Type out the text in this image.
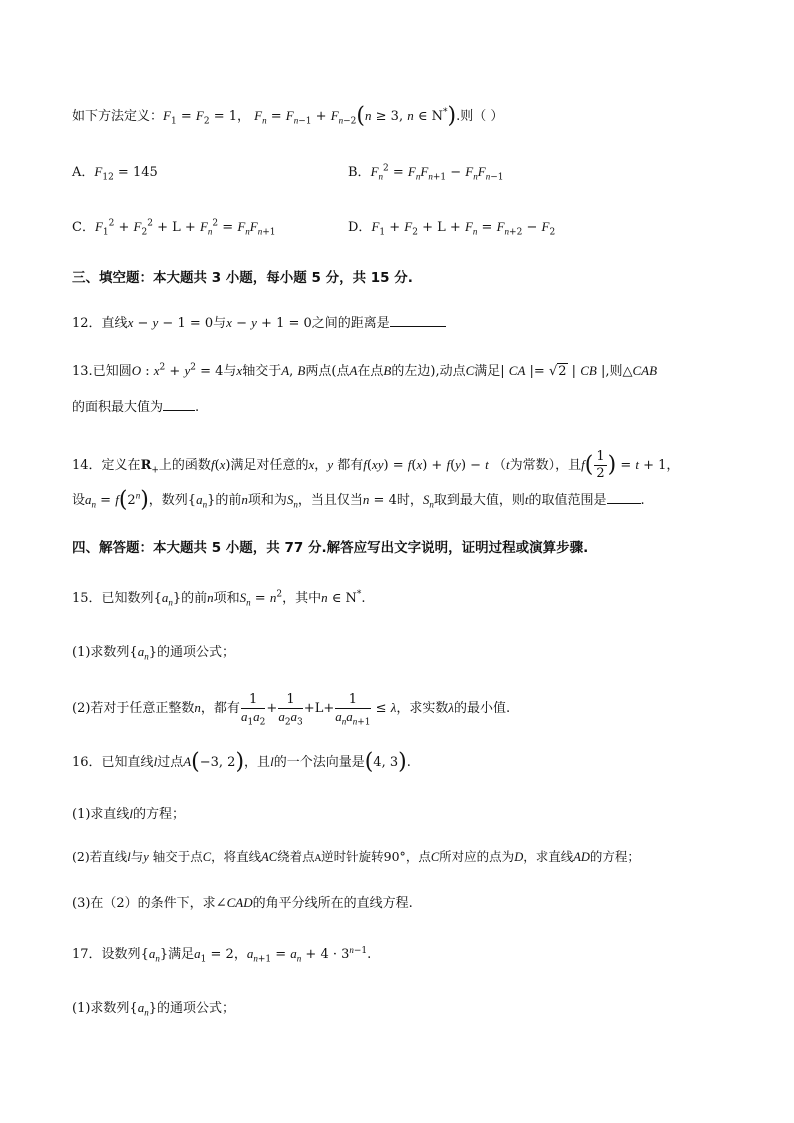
如下方法定义：$F_1 = F_2 = 1$， $F_n = F_{n-1} + F_{n-2}(n \ge 3$, n ∈ N*).则（ ）
A．$F_{12} = 145$	B．$F_n^2 = F_nF_{n+1} - F_nF_{n-1}$
C．$F_1^2 + F_2^2 + L + F_n^2 = F_nF_{n+1}$	D．$F_1 + F_2 + L + F_n = F_{n+2} - F_2$
三、填空题：本大题共 3 小题，每小题 5 分，共 15 分.
12．直线x − y − 1 = 0与x − y + 1 = 0之间的距离是
13.已知圆O : $x^2 + y^2 = 4$与x轴交于A, B两点(点A在点B的左边),动点C满足| CA |= √2 | CB |,则△CAB
的面积最大值为 .
14．定义在$R_+$上的函数f(x)满足对任意的x，y 都有f(xy) = f(x) + f(y) − t （t为常数），且$f( \frac{1}{2}$ ) = t + 1，
设$a_n = f(2^n)$，数列$\{a_n\}$的前n项和为$S_n$，当且仅当n = 4时，$S_n$取到最大值，则t的取值范围是	.
四、解答题：本大题共 5 小题，共 77 分.解答应写出文字说明，证明过程或演算步骤.
15．已知数列$\{a_n\}$的前n项和$S_n = n^2$，其中n ∈ N*.
(1)求数列$\{a_n\}$的通项公式；
(2)若对于任意正整数n，都有 $\frac{1}{a_1a_2} + \frac{1}{a_2a_3} +L+ \frac{1}{a_na_{n+1}} \le \lambda$，求实数λ的最小值.
16．已知直线l过点A(−3, 2)，且l的一个法向量是(4, 3).
(1)求直线l的方程；
(2)若直线l与y 轴交于点C，将直线AC绕着点A逆时针旋转90°，点C所对应的点为D，求直线AD的方程；
(3)在（2）的条件下，求∠CAD的角平分线所在的直线方程.
17．设数列$\{a_n\}$满足$a_1 = 2$，$a_{n+1} = a_n + 4 \cdot 3^{n-1}$.
(1)求数列$\{a_n\}$的通项公式；
